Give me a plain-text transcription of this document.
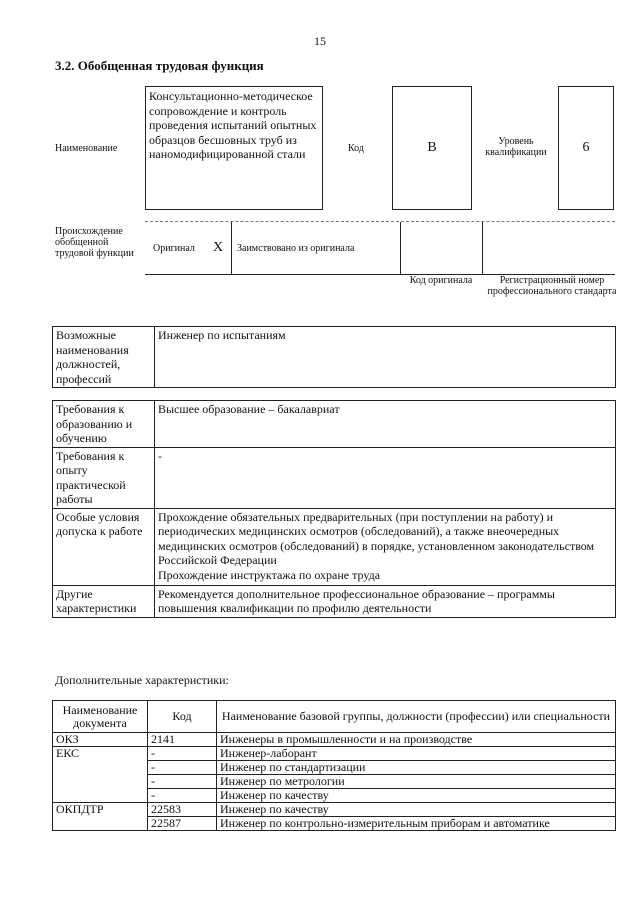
15
3.2. Обобщенная трудовая функция
Наименование
Консультационно-методическое сопровождение и контроль проведения испытаний опытных образцов бесшовных труб из наномодифицированной стали	Код	B	Уровень квалификации	6
Происхождение обобщенной трудовой функции Оригинал X Заимствовано из оригинала
Код оригинала	Регистрационный номер профессионального стандарта
Возможные наименования должностей, профессий	Инженер по испытаниям
Требования к образованию и обучению	Высшее образование – бакалавриат
Требования к опыту практической работы	-
Особые условия допуска к работе	Прохождение обязательных предварительных (при поступлении на работу) и периодических медицинских осмотров (обследований), а также внеочередных медицинских осмотров (обследований) в порядке, установленном законодательством Российской Федерации
Прохождение инструктажа по охране труда

Другие характеристики	Рекомендуется дополнительное профессиональное образование – программы повышения квалификации по профилю деятельности
Дополнительные характеристики:
Наименование документа	Код	Наименование базовой группы, должности (профессии) или специальности
ОКЗ	2141	Инженеры в промышленности и на производстве
ЕКС	-	Инженер-лаборант
	-	Инженер по стандартизации
	-	Инженер по метрологии
	-	Инженер по качеству
ОКПДТР	22583	Инженер по качеству
	22587	Инженер по контрольно-измерительным приборам и автоматике
